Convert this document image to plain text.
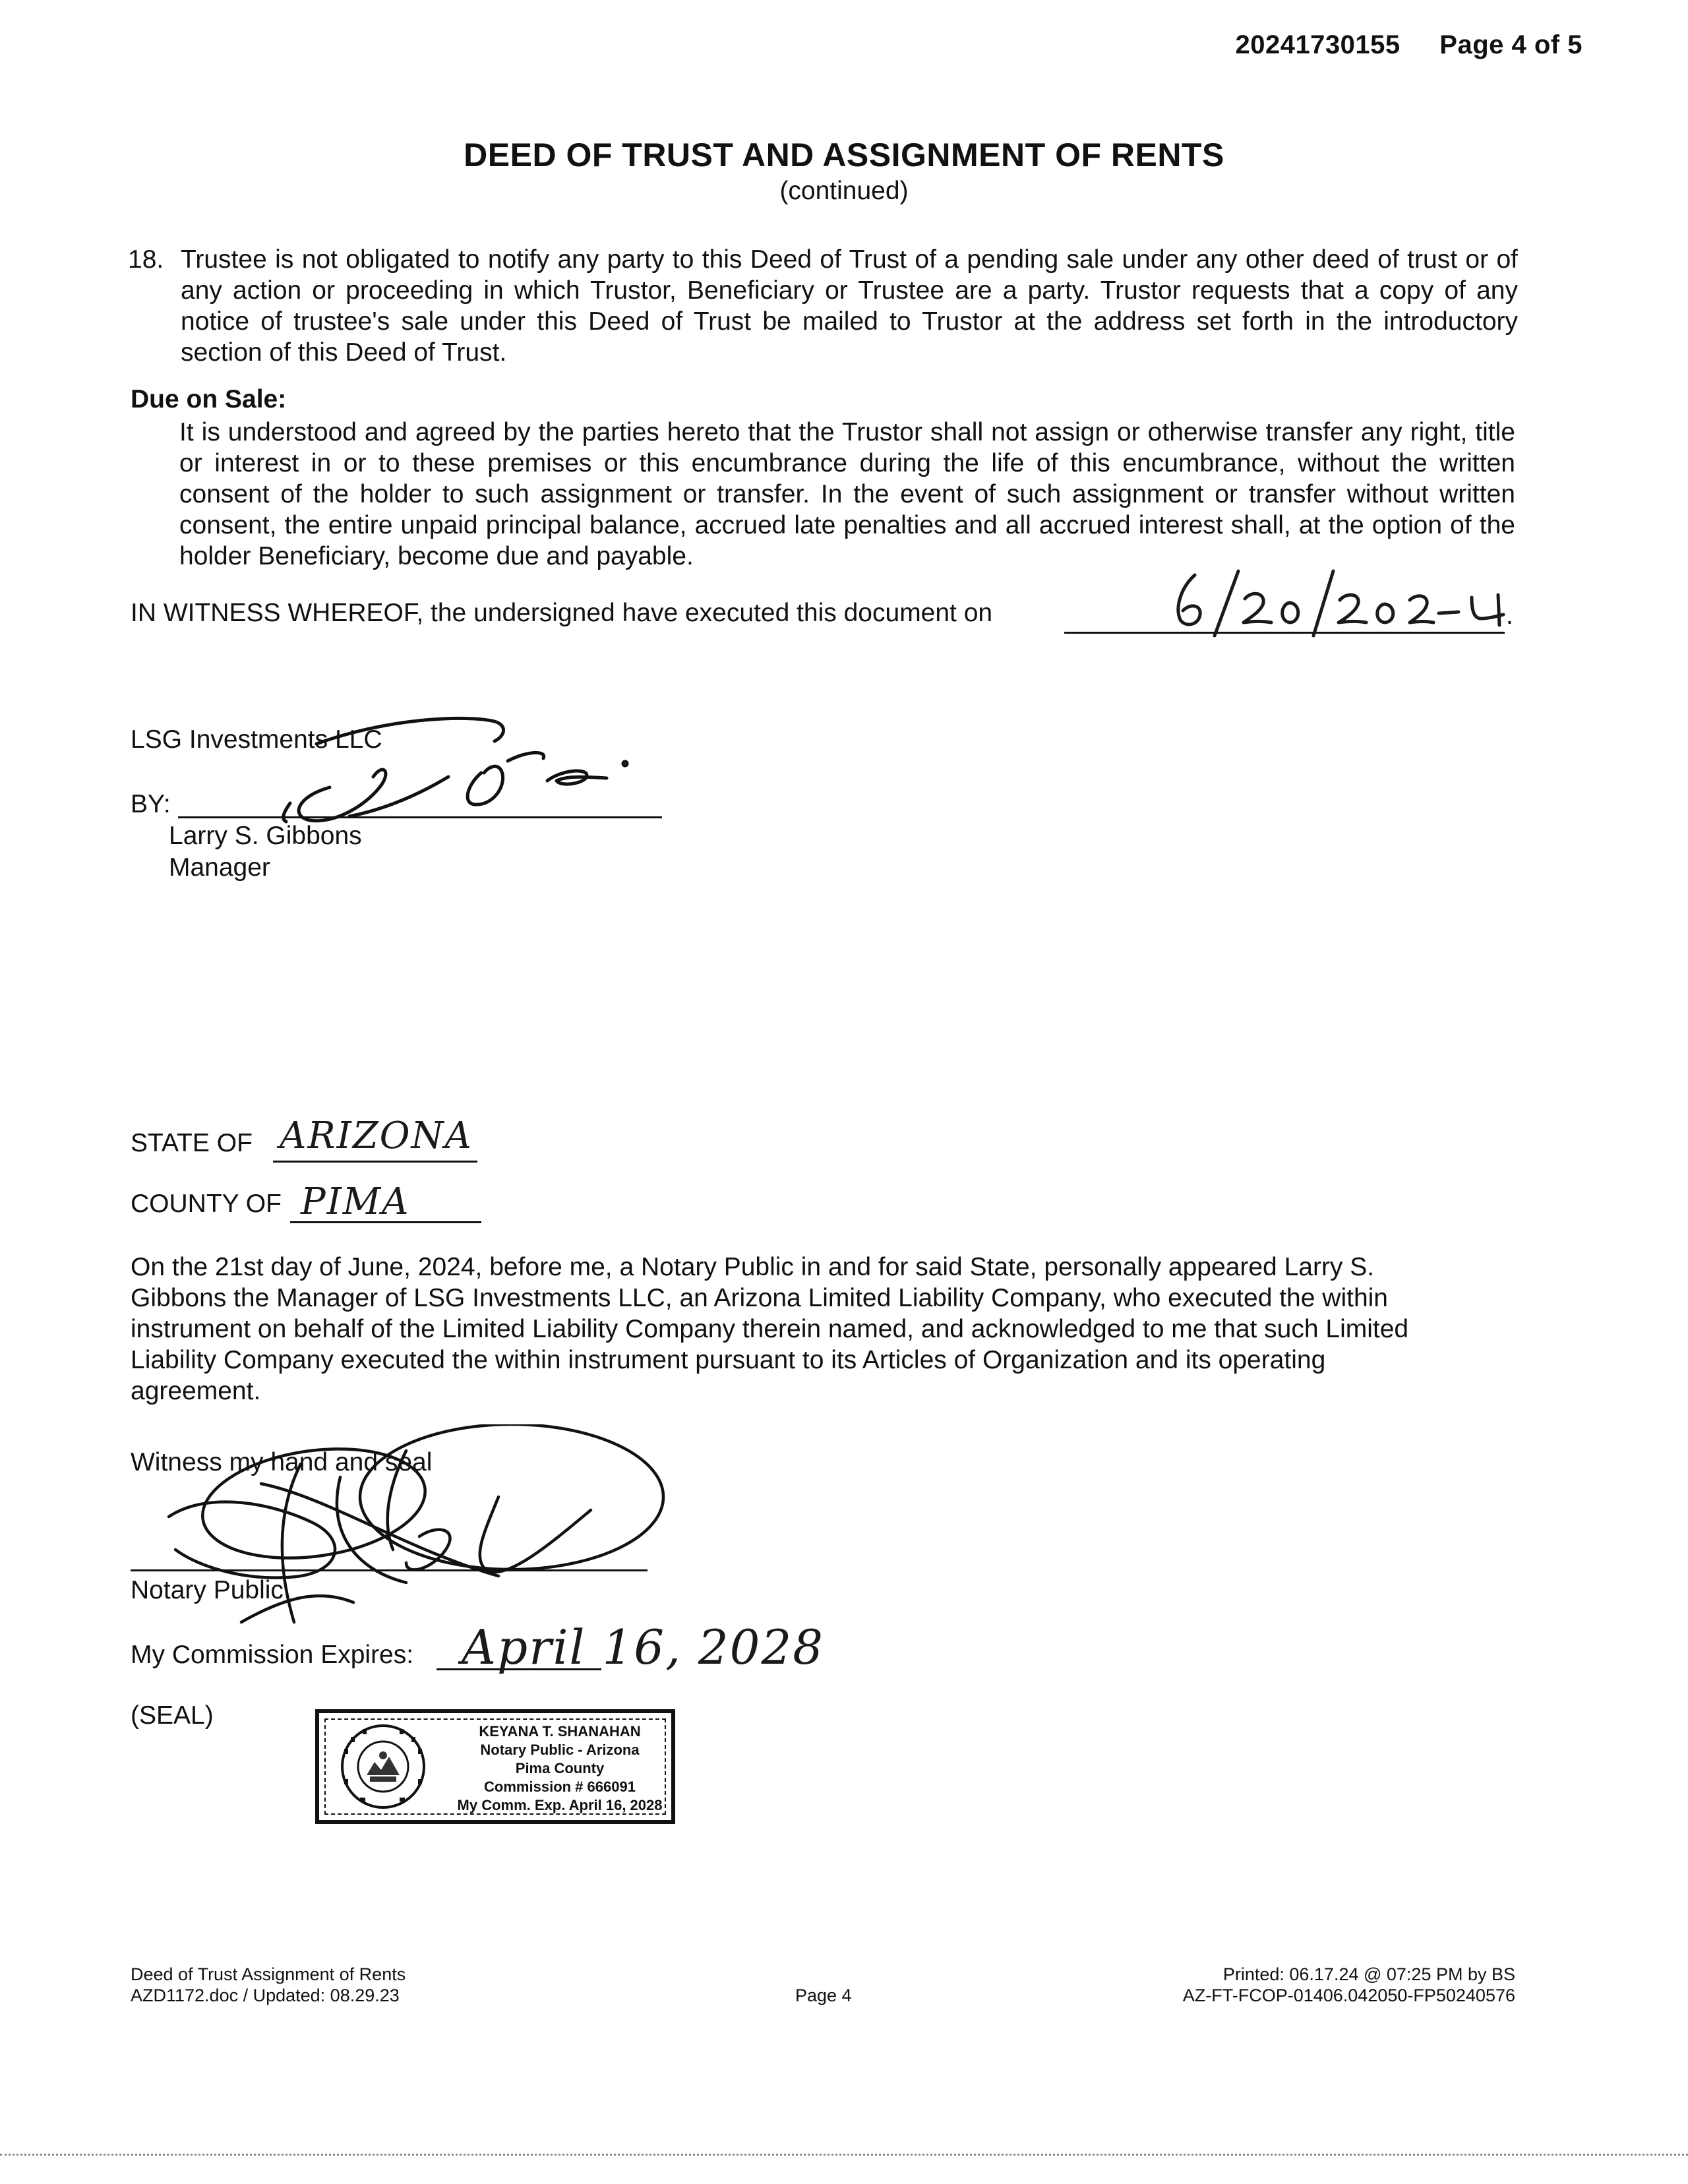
20241730155 Page 4 of 5
DEED OF TRUST AND ASSIGNMENT OF RENTS
(continued)
18. Trustee is not obligated to notify any party to this Deed of Trust of a pending sale under any other deed of trust or of any action or proceeding in which Trustor, Beneficiary or Trustee are a party. Trustor requests that a copy of any notice of trustee's sale under this Deed of Trust be mailed to Trustor at the address set forth in the introductory section of this Deed of Trust.
Due on Sale:
It is understood and agreed by the parties hereto that the Trustor shall not assign or otherwise transfer any right, title or interest in or to these premises or this encumbrance during the life of this encumbrance, without the written consent of the holder to such assignment or transfer. In the event of such assignment or transfer without written consent, the entire unpaid principal balance, accrued late penalties and all accrued interest shall, at the option of the holder Beneficiary, become due and payable.
IN WITNESS WHEREOF, the undersigned have executed this document on	.
LSG Investments LLC
BY:
Larry S. Gibbons
Manager
STATE OF ARIZONA
COUNTY OF PIMA
On the 21st day of June, 2024, before me, a Notary Public in and for said State, personally appeared Larry S. Gibbons the Manager of LSG Investments LLC, an Arizona Limited Liability Company, who executed the within instrument on behalf of the Limited Liability Company therein named, and acknowledged to me that such Limited Liability Company executed the within instrument pursuant to its Articles of Organization and its operating agreement.
Witness my hand and seal
Notary Public
My Commission Expires: April 16, 2028
(SEAL)
KEYANA T. SHANAHAN
Notary Public - Arizona
Pima County
Commission # 666091
My Comm. Exp. April 16, 2028
Deed of Trust Assignment of Rents
AZD1172.doc / Updated: 08.29.23	Page 4
Printed: 06.17.24 @ 07:25 PM by BS
AZ-FT-FCOP-01406.042050-FP50240576
